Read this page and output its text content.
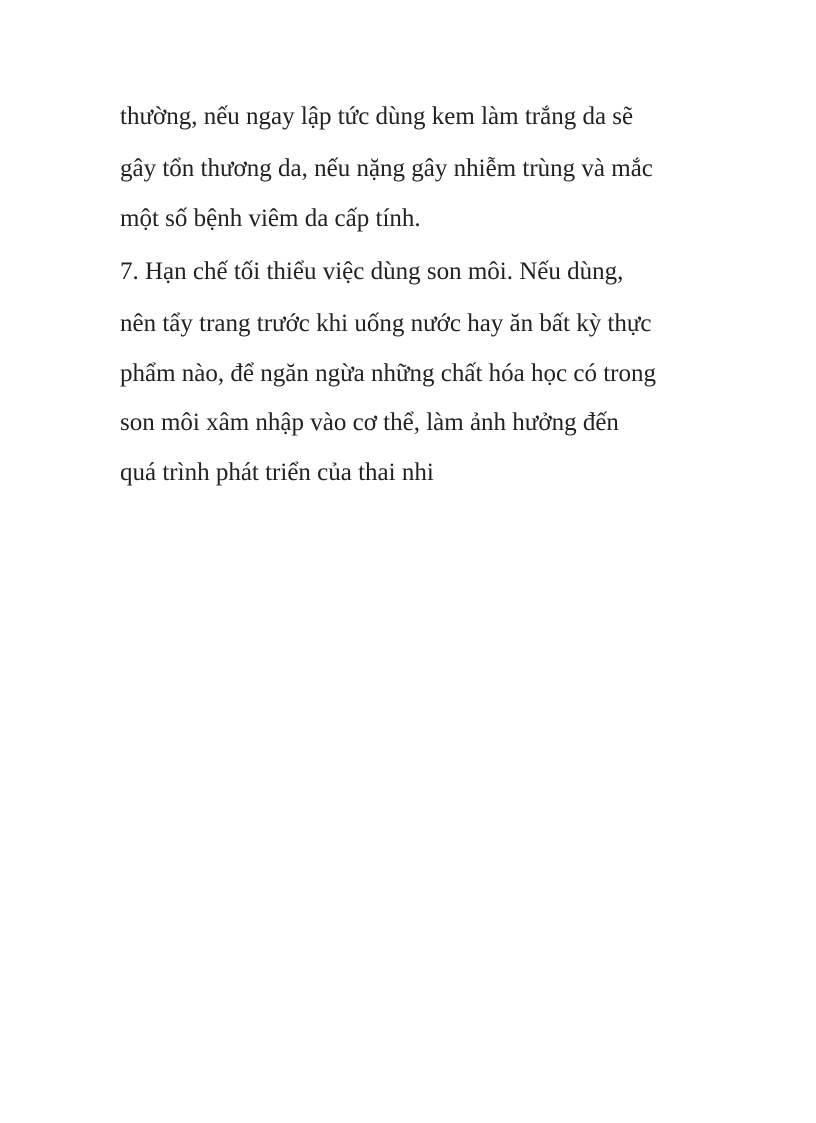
thường, nếu ngay lập tức dùng kem làm trắng da sẽ
gây tổn thương da, nếu nặng gây nhiễm trùng và mắc
một số bệnh viêm da cấp tính.
7. Hạn chế tối thiểu việc dùng son môi. Nếu dùng,
nên tẩy trang trước khi uống nước hay ăn bất kỳ thực
phẩm nào, để ngăn ngừa những chất hóa học có trong
son môi xâm nhập vào cơ thể, làm ảnh hưởng đến
quá trình phát triển của thai nhi
